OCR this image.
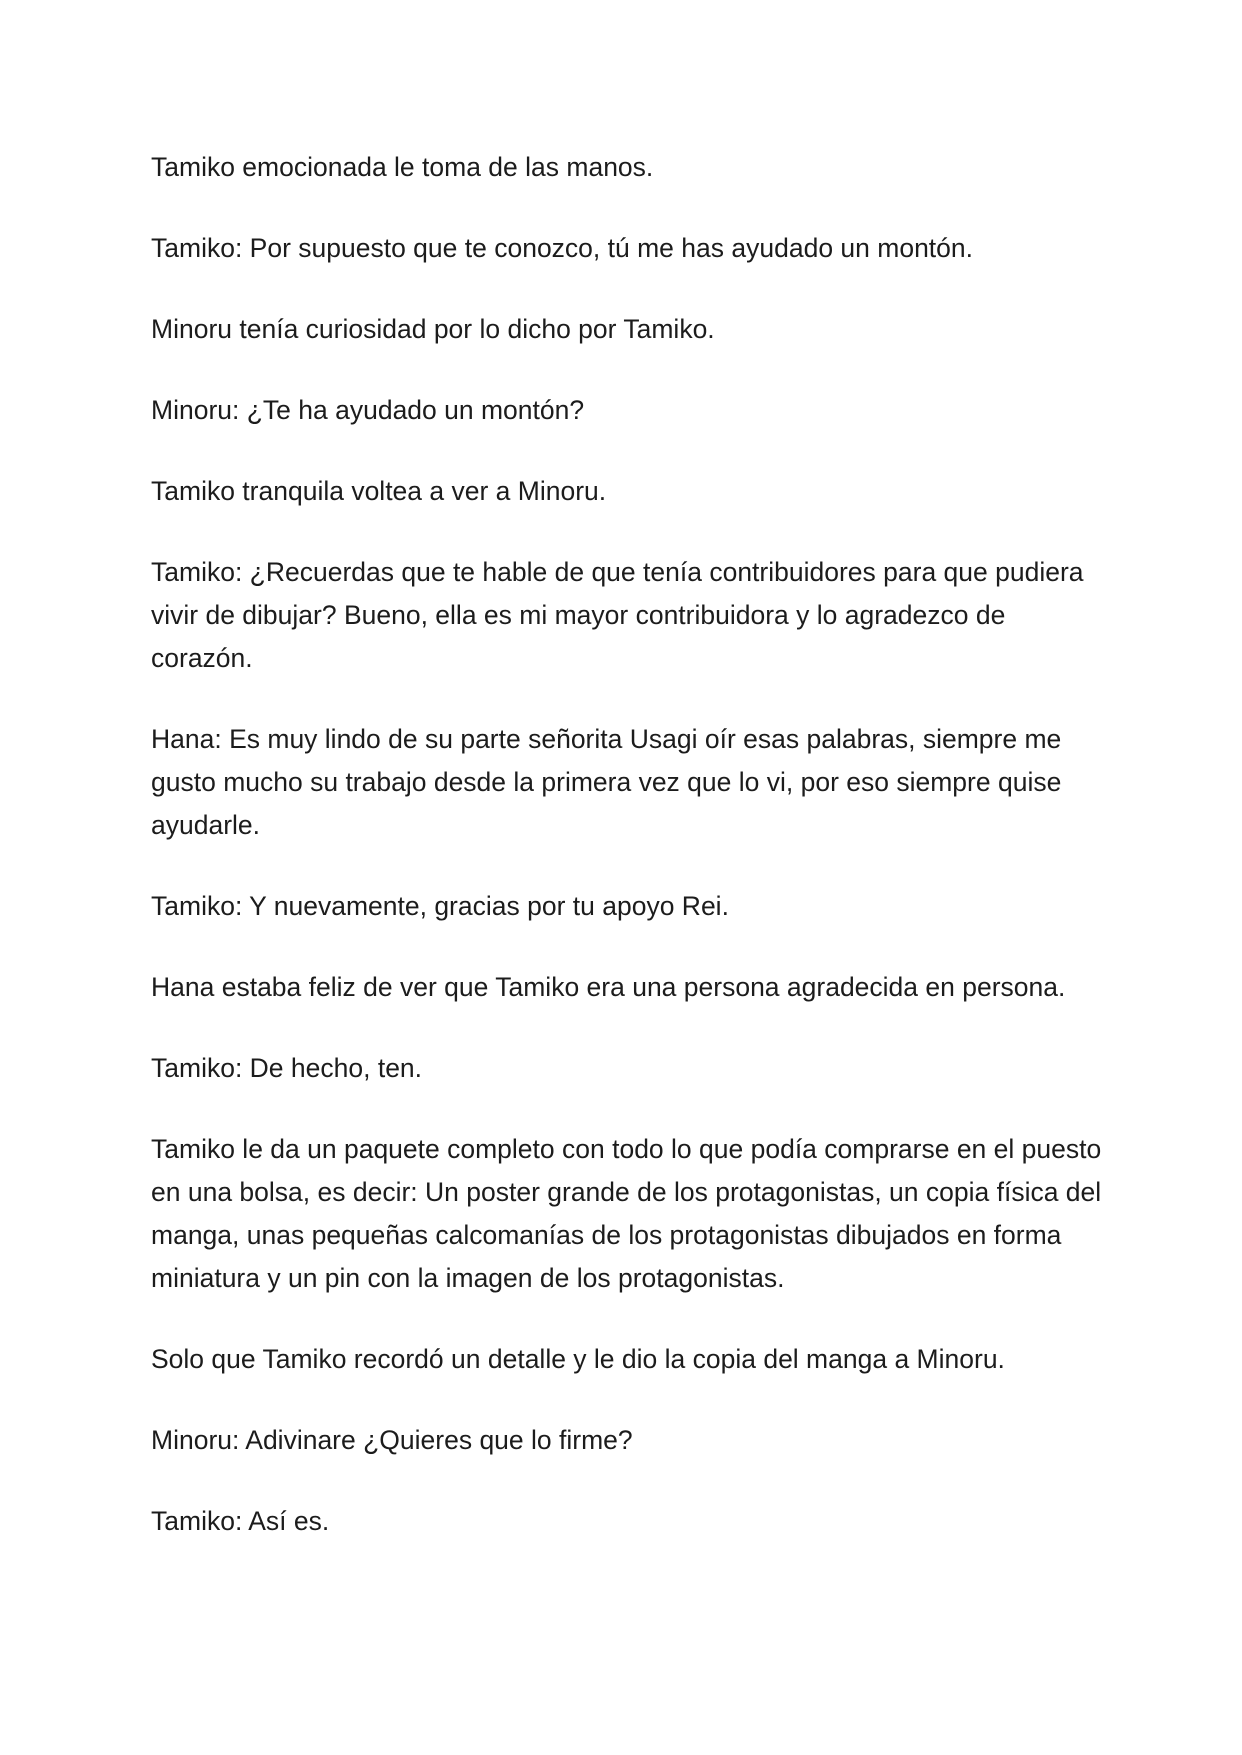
Tamiko emocionada le toma de las manos.

Tamiko: Por supuesto que te conozco, tú me has ayudado un montón.

Minoru tenía curiosidad por lo dicho por Tamiko.

Minoru: ¿Te ha ayudado un montón?

Tamiko tranquila voltea a ver a Minoru.

Tamiko: ¿Recuerdas que te hable de que tenía contribuidores para que pudiera vivir de dibujar? Bueno, ella es mi mayor contribuidora y lo agradezco de corazón.

Hana: Es muy lindo de su parte señorita Usagi oír esas palabras, siempre me gusto mucho su trabajo desde la primera vez que lo vi, por eso siempre quise ayudarle.

Tamiko: Y nuevamente, gracias por tu apoyo Rei.

Hana estaba feliz de ver que Tamiko era una persona agradecida en persona.

Tamiko: De hecho, ten.

Tamiko le da un paquete completo con todo lo que podía comprarse en el puesto en una bolsa, es decir: Un poster grande de los protagonistas, un copia física del manga, unas pequeñas calcomanías de los protagonistas dibujados en forma miniatura y un pin con la imagen de los protagonistas.

Solo que Tamiko recordó un detalle y le dio la copia del manga a Minoru.

Minoru: Adivinare ¿Quieres que lo firme?

Tamiko: Así es.
